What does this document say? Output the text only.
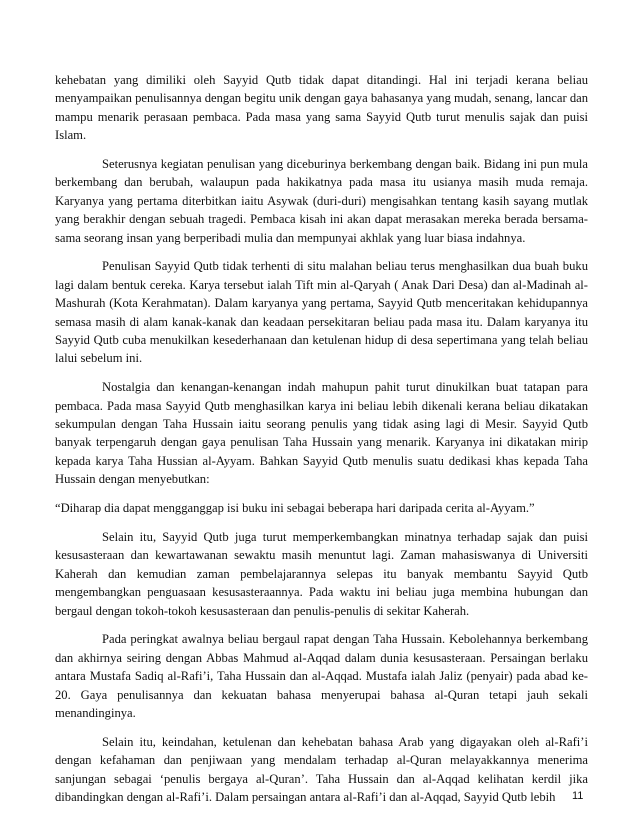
kehebatan yang dimiliki oleh Sayyid Qutb tidak dapat ditandingi. Hal ini terjadi kerana beliau menyampaikan penulisannya dengan begitu unik dengan gaya bahasanya yang mudah, senang, lancar dan mampu menarik perasaan pembaca. Pada masa yang sama Sayyid Qutb turut menulis sajak dan puisi Islam.

Seterusnya kegiatan penulisan yang diceburinya berkembang dengan baik. Bidang ini pun mula berkembang dan berubah, walaupun pada hakikatnya pada masa itu usianya masih muda remaja. Karyanya yang pertama diterbitkan iaitu Asywak (duri-duri) mengisahkan tentang kasih sayang mutlak yang berakhir dengan sebuah tragedi. Pembaca kisah ini akan dapat merasakan mereka berada bersama-sama seorang insan yang berperibadi mulia dan mempunyai akhlak yang luar biasa indahnya.

Penulisan Sayyid Qutb tidak terhenti di situ malahan beliau terus menghasilkan dua buah buku lagi dalam bentuk cereka. Karya tersebut ialah Tift min al-Qaryah ( Anak Dari Desa) dan al-Madinah al-Mashurah (Kota Kerahmatan). Dalam karyanya yang pertama, Sayyid Qutb menceritakan kehidupannya semasa masih di alam kanak-kanak dan keadaan persekitaran beliau pada masa itu. Dalam karyanya itu Sayyid Qutb cuba menukilkan kesederhanaan dan ketulenan hidup di desa sepertimana yang telah beliau lalui sebelum ini.

Nostalgia dan kenangan-kenangan indah mahupun pahit turut dinukilkan buat tatapan para pembaca. Pada masa Sayyid Qutb menghasilkan karya ini beliau lebih dikenali kerana beliau dikatakan sekumpulan dengan Taha Hussain iaitu seorang penulis yang tidak asing lagi di Mesir. Sayyid Qutb banyak terpengaruh dengan gaya penulisan Taha Hussain yang menarik. Karyanya ini dikatakan mirip kepada karya Taha Hussian al-Ayyam. Bahkan Sayyid Qutb menulis suatu dedikasi khas kepada Taha Hussain dengan menyebutkan:

“Diharap dia dapat mengganggap isi buku ini sebagai beberapa hari daripada cerita al-Ayyam.”

Selain itu, Sayyid Qutb juga turut memperkembangkan minatnya terhadap sajak dan puisi kesusasteraan dan kewartawanan sewaktu masih menuntut lagi. Zaman mahasiswanya di Universiti Kaherah dan kemudian zaman pembelajarannya selepas itu banyak membantu Sayyid Qutb mengembangkan penguasaan kesusasteraannya. Pada waktu ini beliau juga membina hubungan dan bergaul dengan tokoh-tokoh kesusasteraan dan penulis-penulis di sekitar Kaherah.

Pada peringkat awalnya beliau bergaul rapat dengan Taha Hussain. Kebolehannya berkembang dan akhirnya seiring dengan Abbas Mahmud al-Aqqad dalam dunia kesusasteraan. Persaingan berlaku antara Mustafa Sadiq al-Rafi’i, Taha Hussain dan al-Aqqad. Mustafa ialah Jaliz (penyair) pada abad ke-20. Gaya penulisannya dan kekuatan bahasa menyerupai bahasa al-Quran tetapi jauh sekali menandinginya.

Selain itu, keindahan, ketulenan dan kehebatan bahasa Arab yang digayakan oleh al-Rafi’i dengan kefahaman dan penjiwaan yang mendalam terhadap al-Quran melayakkannya menerima sanjungan sebagai ‘penulis bergaya al-Quran’. Taha Hussain dan al-Aqqad kelihatan kerdil jika dibandingkan dengan al-Rafi’i. Dalam persaingan antara al-Rafi’i dan al-Aqqad, Sayyid Qutb lebih	11
